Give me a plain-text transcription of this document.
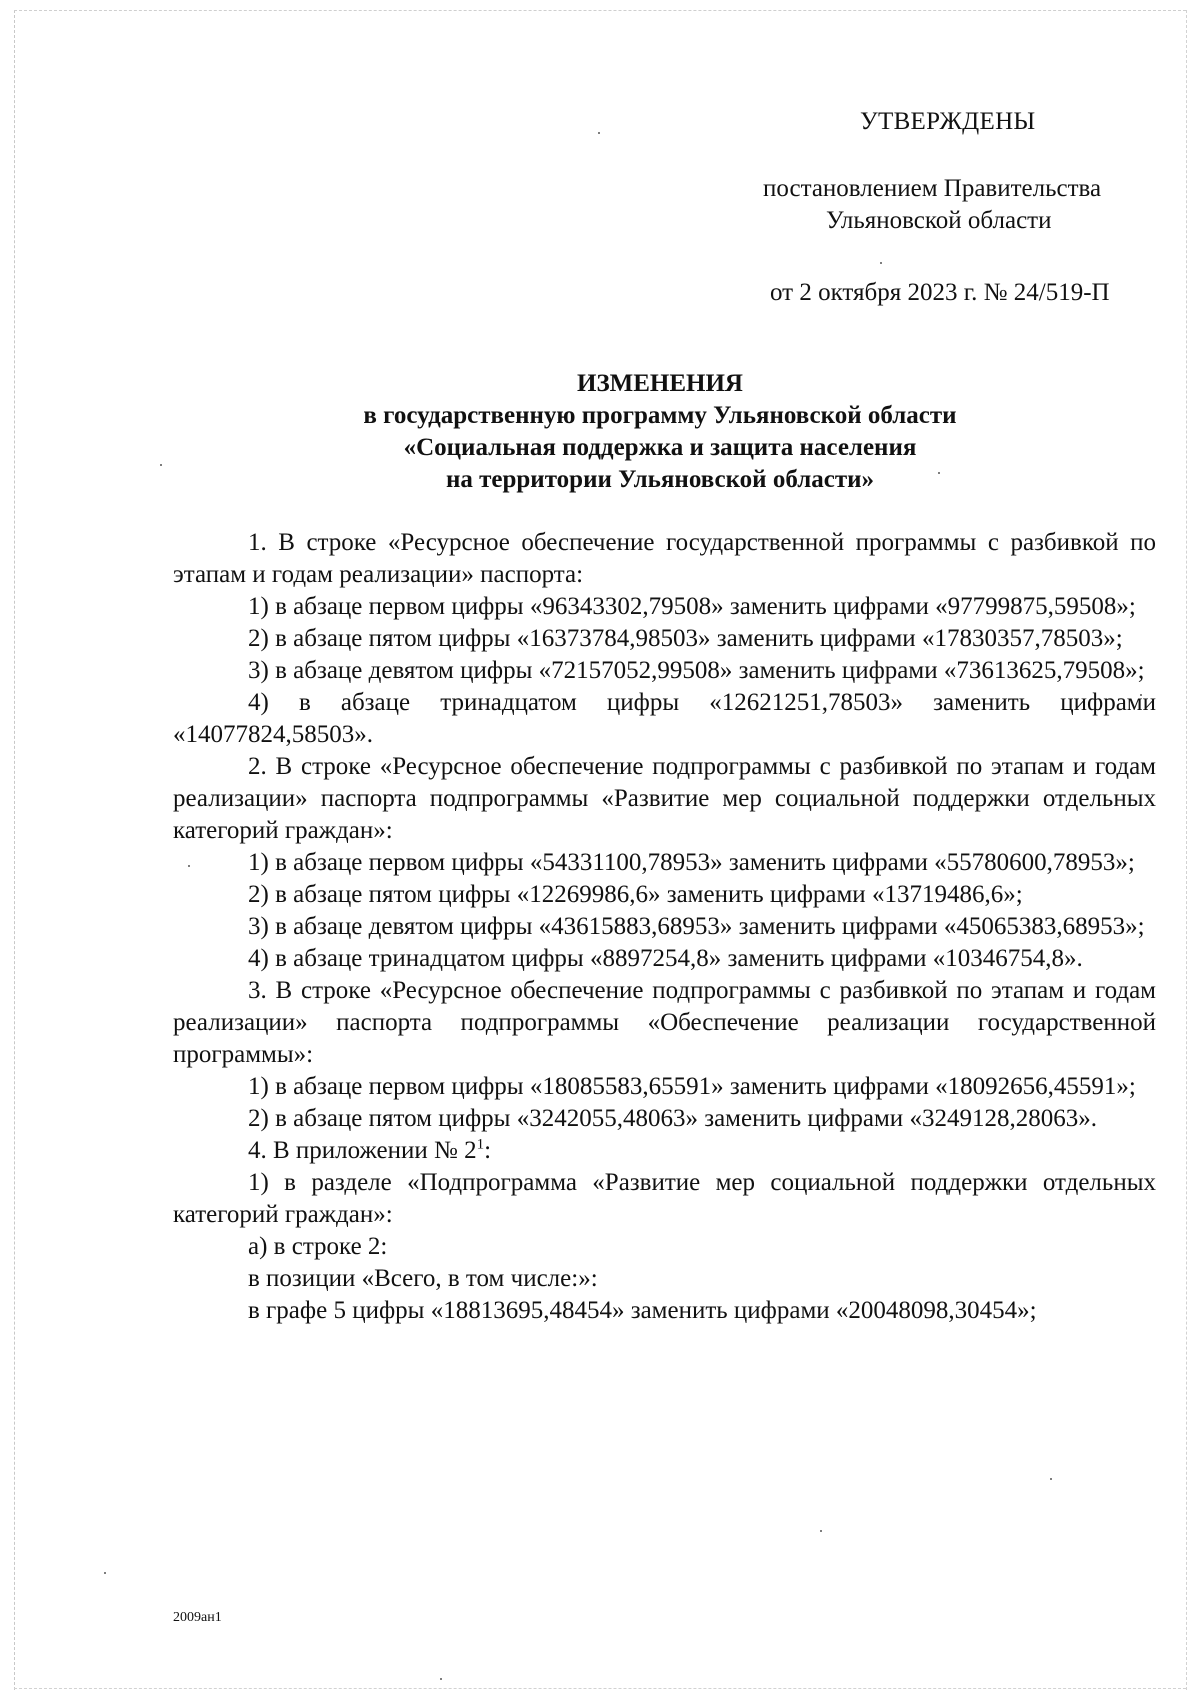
УТВЕРЖДЕНЫ
постановлением Правительства
Ульяновской области
от 2 октября 2023 г. № 24/519-П
ИЗМЕНЕНИЯ
в государственную программу Ульяновской области
«Социальная поддержка и защита населения
на территории Ульяновской области»

1. В строке «Ресурсное обеспечение государственной программы с разбивкой по этапам и годам реализации» паспорта:

1) в абзаце первом цифры «96343302,79508» заменить цифрами «97799875,59508»;

2) в абзаце пятом цифры «16373784,98503» заменить цифрами «17830357,78503»;

3) в абзаце девятом цифры «72157052,99508» заменить цифрами «73613625,79508»;

4) в абзаце тринадцатом цифры «12621251,78503» заменить цифрами «14077824,58503».

2. В строке «Ресурсное обеспечение подпрограммы с разбивкой по этапам и годам реализации» паспорта подпрограммы «Развитие мер социальной поддержки отдельных категорий граждан»:

1) в абзаце первом цифры «54331100,78953» заменить цифрами «55780600,78953»;

2) в абзаце пятом цифры «12269986,6» заменить цифрами «13719486,6»;

3) в абзаце девятом цифры «43615883,68953» заменить цифрами «45065383,68953»;

4) в абзаце тринадцатом цифры «8897254,8» заменить цифрами «10346754,8».

3. В строке «Ресурсное обеспечение подпрограммы с разбивкой по этапам и годам реализации» паспорта подпрограммы «Обеспечение реализации государственной программы»:

1) в абзаце первом цифры «18085583,65591» заменить цифрами «18092656,45591»;

2) в абзаце пятом цифры «3242055,48063» заменить цифрами «3249128,28063».

4. В приложении № $2^1$:

1) в разделе «Подпрограмма «Развитие мер социальной поддержки отдельных категорий граждан»:

а) в строке 2:

в позиции «Всего, в том числе:»:

в графе 5 цифры «18813695,48454» заменить цифрами «20048098,30454»;

2009ан1
